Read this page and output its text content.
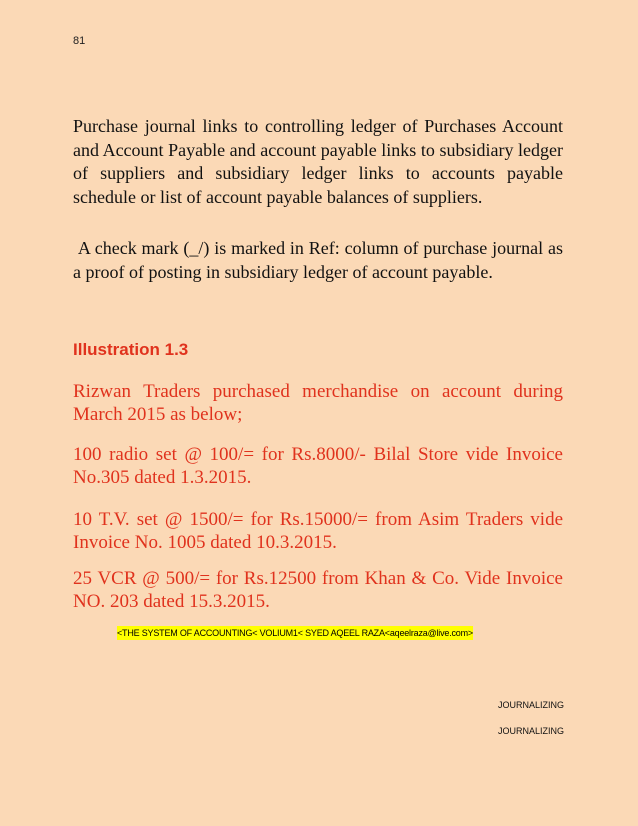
81

Purchase journal links to controlling ledger of Purchases Account and Account Payable and account payable links to subsidiary ledger of suppliers and subsidiary ledger links to accounts payable schedule or list of account payable balances of suppliers.

A check mark (_/) is marked in Ref: column of purchase journal as a proof of posting in subsidiary ledger of account payable.

Illustration 1.3

Rizwan Traders purchased merchandise on account during March 2015 as below;

100 radio set @ 100/= for Rs.8000/- Bilal Store vide Invoice No.305 dated 1.3.2015.

10 T.V. set @ 1500/= for Rs.15000/= from Asim Traders vide Invoice No. 1005 dated 10.3.2015.

25 VCR @ 500/= for Rs.12500 from Khan & Co. Vide Invoice NO. 203 dated 15.3.2015.

<THE SYSTEM OF ACCOUNTING< VOLIUM1< SYED AQEEL RAZA<aqeelraza@live.com>
JOURNALIZING
JOURNALIZING
